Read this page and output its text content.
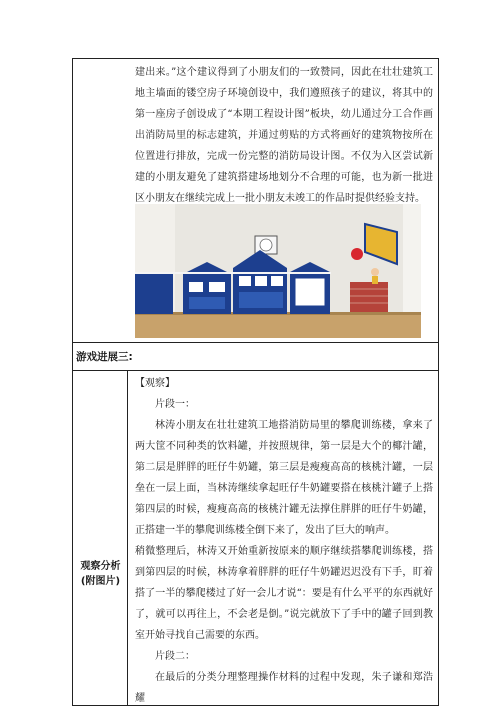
建出来。”这个建议得到了小朋友们的一致赞同，因此在壮壮建筑工地主墙面的镂空房子环境创设中，我们遵照孩子的建议，将其中的第一座房子创设成了“本期工程设计图”板块，幼儿通过分工合作画出消防局里的标志建筑，并通过剪贴的方式将画好的建筑物按所在位置进行排放，完成一份完整的消防局设计图。不仅为入区尝试新建的小朋友避免了建筑搭建场地划分不合理的可能，也为新一批进区小朋友在继续完成上一批小朋友未竣工的作品时提供经验支持。

游戏进展三:
观察分析
(附图片)

【观察】

片段一：

林涛小朋友在壮壮建筑工地搭消防局里的攀爬训练楼，拿来了两大筐不同种类的饮料罐，并按照规律，第一层是大个的椰汁罐，第二层是胖胖的旺仔牛奶罐，第三层是瘦瘦高高的核桃汁罐，一层垒在一层上面，当林涛继续拿起旺仔牛奶罐要搭在核桃汁罐子上搭第四层的时候，瘦瘦高高的核桃汁罐无法撑住胖胖的旺仔牛奶罐，正搭建一半的攀爬训练楼全倒下来了，发出了巨大的响声。

稍微整理后，林涛又开始重新按原来的顺序继续搭攀爬训练楼，搭到第四层的时候，林涛拿着胖胖的旺仔牛奶罐迟迟没有下手，盯着搭了一半的攀爬楼过了好一会儿才说“：要是有什么平平的东西就好了，就可以再往上，不会老是倒。”说完就放下了手中的罐子回到教室开始寻找自己需要的东西。

片段二：

在最后的分类分理整理操作材料的过程中发现，朱子谦和郑浩耀
